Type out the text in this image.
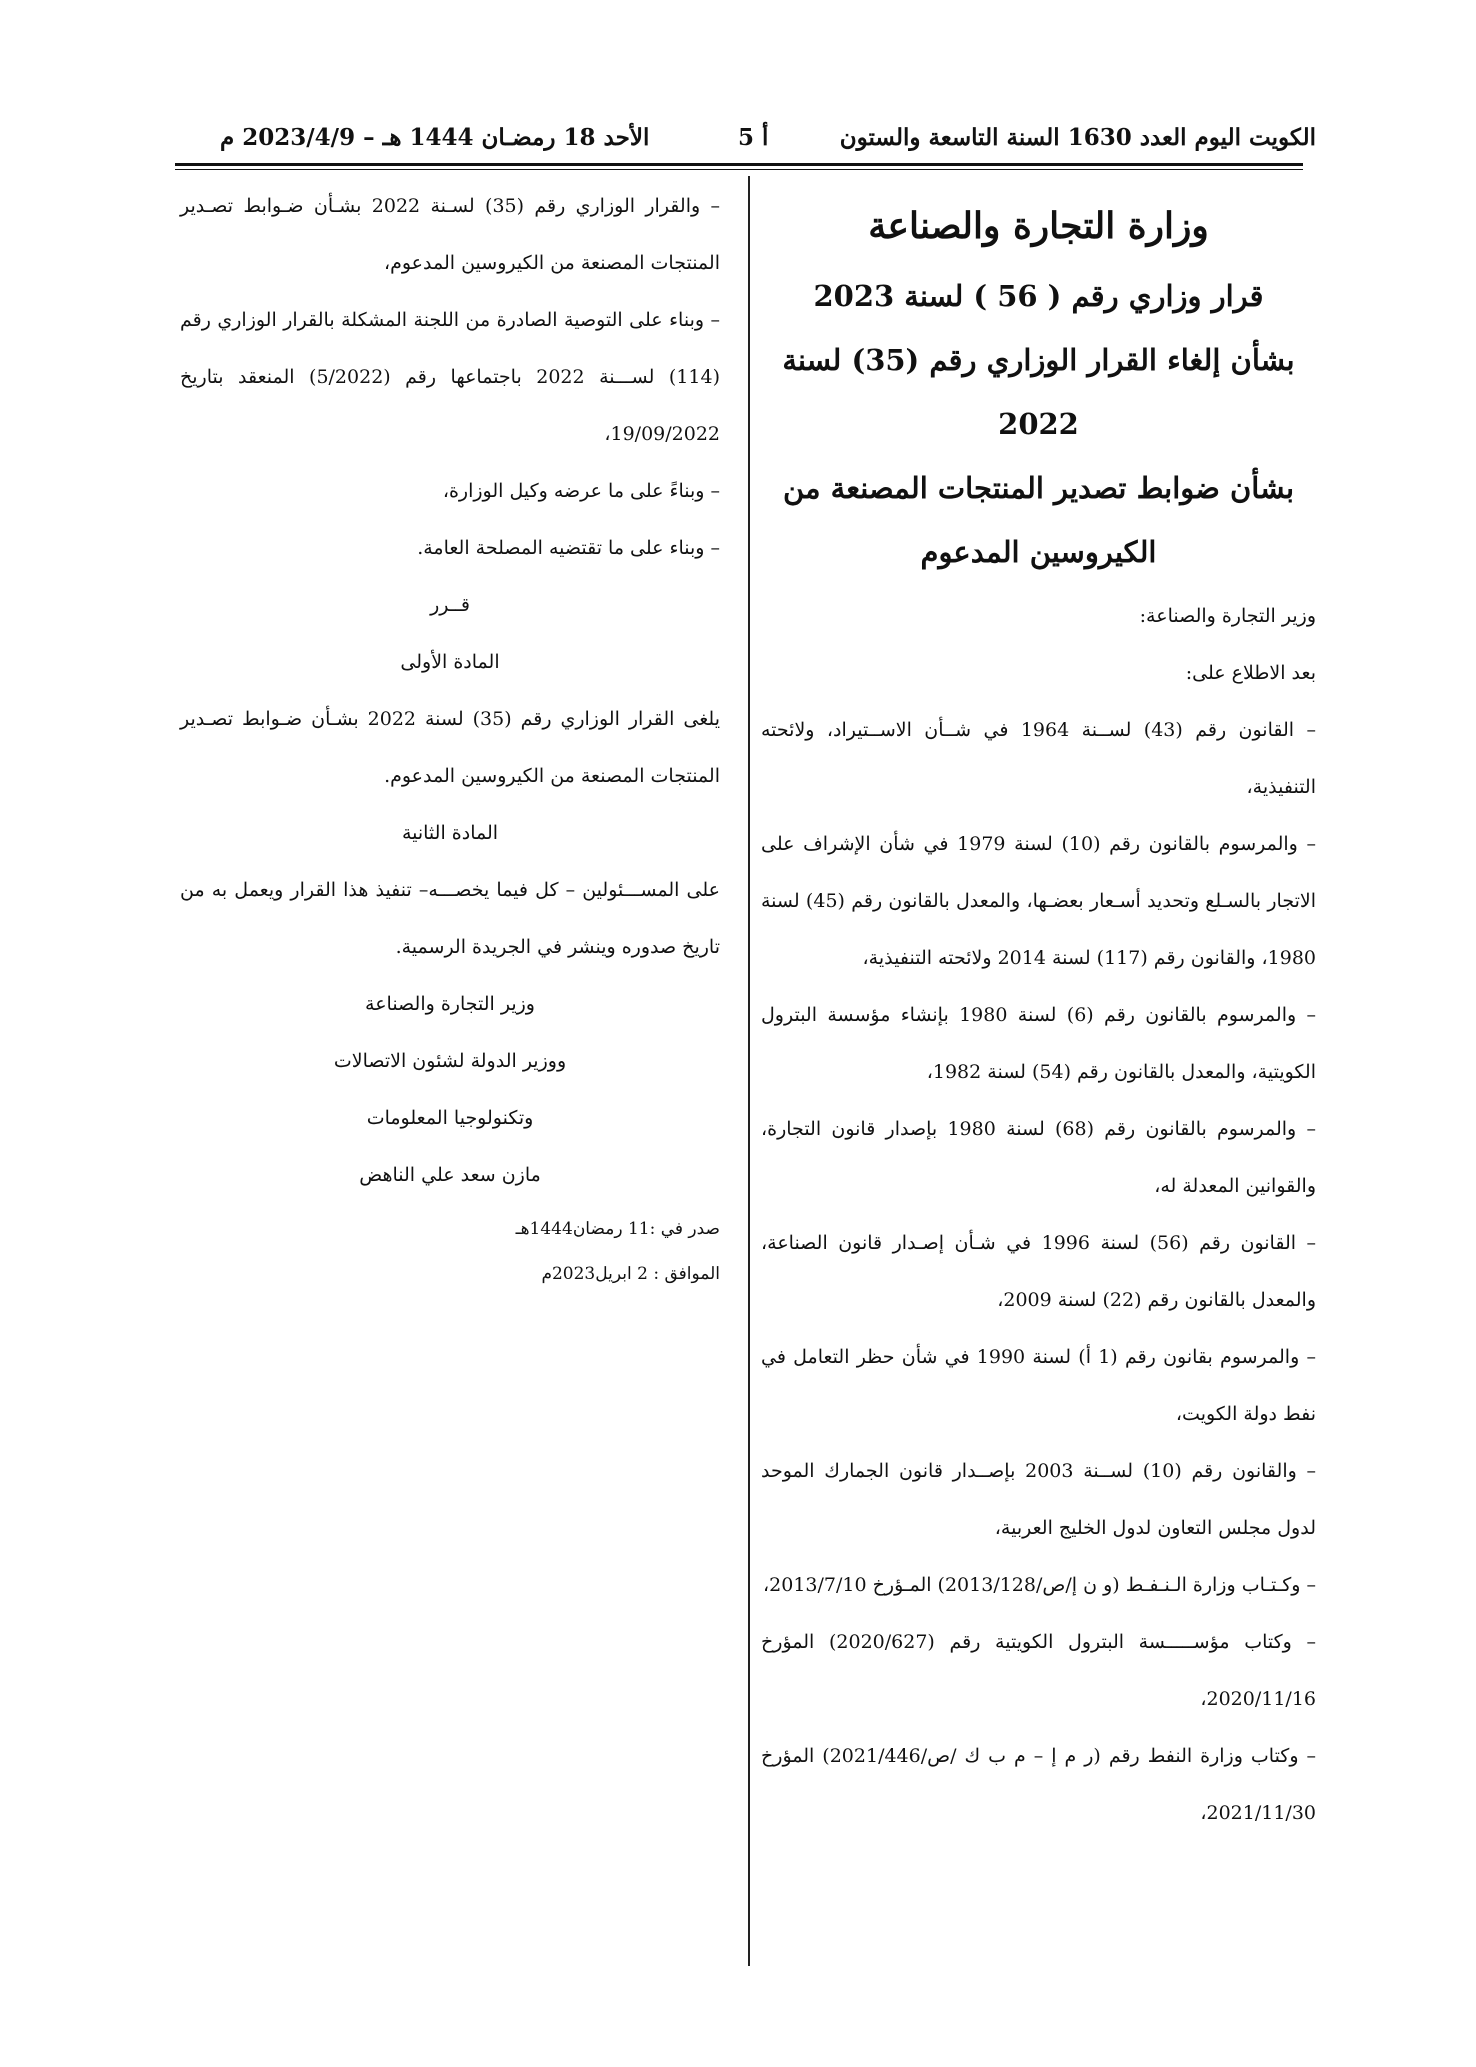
الكويت اليوم العدد 1630 السنة التاسعة والستون
أ 5
الأحد 18 رمضـان 1444 هـ – 2023/4/9 م

وزارة التجارة والصناعة

قرار وزاري رقم ( 56 ) لسنة 2023

بشأن إلغاء القرار الوزاري رقم (35) لسنة 2022

بشأن ضوابط تصدير المنتجات المصنعة من

الكيروسين المدعوم

وزير التجارة والصناعة:

بعد الاطلاع على:

– القانون رقم (43) لســنة 1964 في شــأن الاســتيراد، ولائحته التنفيذية،

– والمرسوم بالقانون رقم (10) لسنة 1979 في شأن الإشراف على الاتجار بالسـلع وتحديد أسـعار بعضـها، والمعدل بالقانون رقم (45) لسنة 1980، والقانون رقم (117) لسنة 2014 ولائحته التنفيذية،

– والمرسوم بالقانون رقم (6) لسنة 1980 بإنشاء مؤسسة البترول الكويتية، والمعدل بالقانون رقم (54) لسنة 1982،

– والمرسوم بالقانون رقم (68) لسنة 1980 بإصدار قانون التجارة، والقوانين المعدلة له،

– القانون رقم (56) لسنة 1996 في شـأن إصـدار قانون الصناعة، والمعدل بالقانون رقم (22) لسنة 2009،

– والمرسوم بقانون رقم (1 أ) لسنة 1990 في شأن حظر التعامل في نفط دولة الكويت،

– والقانون رقم (10) لســنة 2003 بإصــدار قانون الجمارك الموحد لدول مجلس التعاون لدول الخليج العربية،

– وكـتـاب وزارة الـنـفـط (و ن إ/ص/2013/128) المـؤرخ 2013/7/10،

– وكتاب مؤســـــسة البترول الكويتية رقم (2020/627) المؤرخ 2020/11/16،

– وكتاب وزارة النفط رقم (ر م إ – م ب ك /ص/2021/446) المؤرخ 2021/11/30،

– والقرار الوزاري رقم (35) لسـنة 2022 بشـأن ضـوابط تصـدير المنتجات المصنعة من الكيروسين المدعوم،

– وبناء على التوصية الصادرة من اللجنة المشكلة بالقرار الوزاري رقم (114) لســـنة 2022 باجتماعها رقم (5/2022) المنعقد بتاريخ 19/09/2022،

– وبناءً على ما عرضه وكيل الوزارة،

– وبناء على ما تقتضيه المصلحة العامة.

قــرر

المادة الأولى

يلغى القرار الوزاري رقم (35) لسنة 2022 بشـأن ضـوابط تصـدير المنتجات المصنعة من الكيروسين المدعوم.

المادة الثانية

على المســـئولين – كل فيما يخصـــه– تنفيذ هذا القرار ويعمل به من تاريخ صدوره وينشر في الجريدة الرسمية.

وزير التجارة والصناعة

ووزير الدولة لشئون الاتصالات

وتكنولوجيا المعلومات

مازن سعد علي الناهض

صدر في :11 رمضان1444هـ

الموافق : 2 ابريل2023م
